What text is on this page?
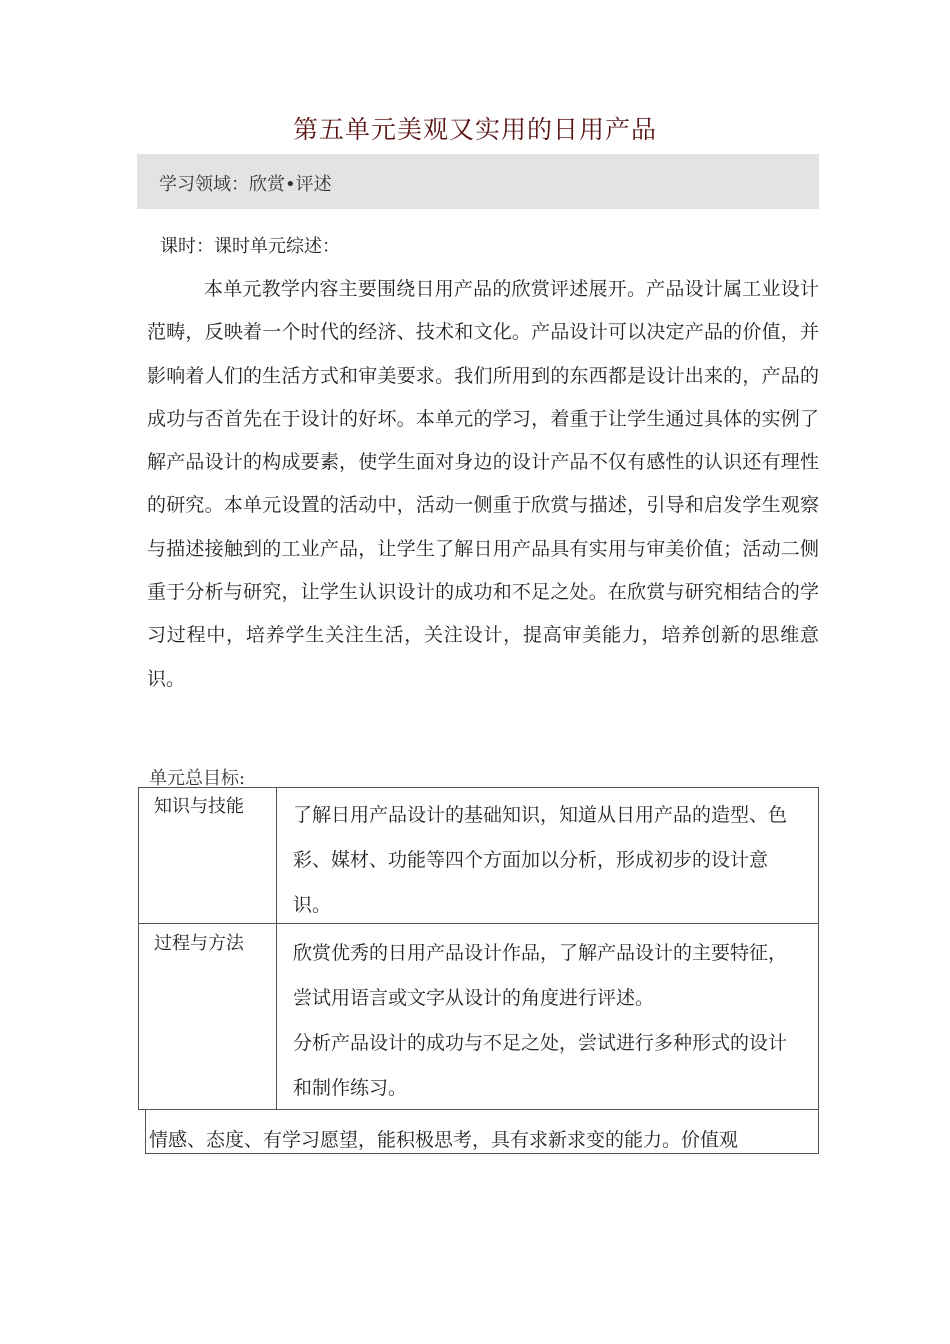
第五单元美观又实用的日用产品
学习领域：欣赏•评述
课时：课时单元综述：

本单元教学内容主要围绕日用产品的欣赏评述展开。产品设计属工业设计范畴，反映着一个时代的经济、技术和文化。产品设计可以决定产品的价值，并影响着人们的生活方式和审美要求。我们所用到的东西都是设计出来的，产品的成功与否首先在于设计的好坏。本单元的学习，着重于让学生通过具体的实例了解产品设计的构成要素，使学生面对身边的设计产品不仅有感性的认识还有理性的研究。本单元设置的活动中，活动一侧重于欣赏与描述，引导和启发学生观察与描述接触到的工业产品，让学生了解日用产品具有实用与审美价值；活动二侧重于分析与研究，让学生认识设计的成功和不足之处。在欣赏与研究相结合的学习过程中，培养学生关注生活，关注设计，提高审美能力，培养创新的思维意识。

单元总目标:
知识与技能	了解日用产品设计的基础知识，知道从日用产品的造型、色彩、媒材、功能等四个方面加以分析，形成初步的设计意识。

过程与方法	欣赏优秀的日用产品设计作品，了解产品设计的主要特征，尝试用语言或文字从设计的角度进行评述。

分析产品设计的成功与不足之处，尝试进行多种形式的设计和制作练习。

情感、态度、有学习愿望，能积极思考，具有求新求变的能力。价值观
